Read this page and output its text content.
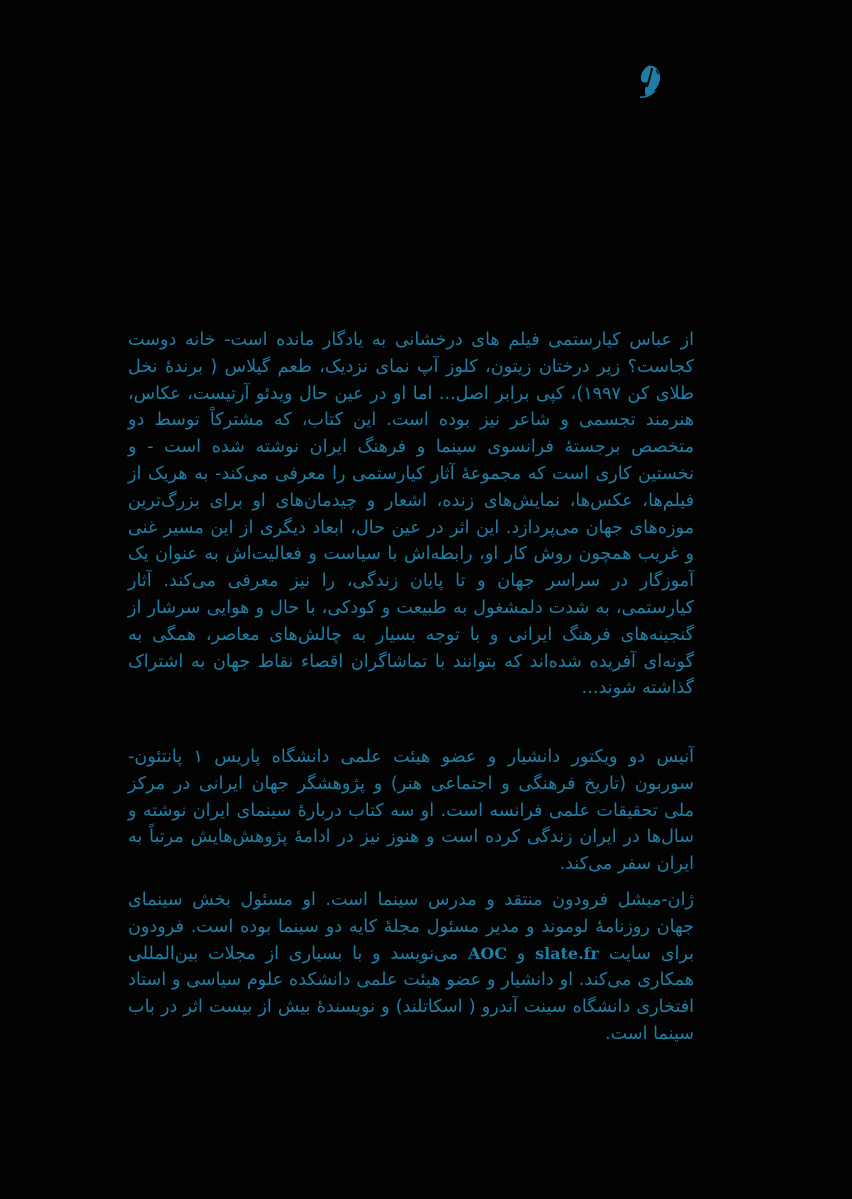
از عباس کیارستمی فیلم های درخشانی به یادگار مانده است- خانه دوست کجاست؟ زیر درختان زیتون، کلوز آپ نمای نزدیک، طعم گیلاس ( برندهٔ نخل طلای کن ۱۹۹۷)، کپی برابر اصل... اما او در عین حال ویدئو آرتیست، عکاس، هنرمند تجسمی و شاعر نیز بوده است. این کتاب، که مشترکاً توسط دو متخصص برجستهٔ فرانسوی سینما و فرهنگ ایران نوشته شده است - و نخستین کاری است که مجموعهٔ آثار کیارستمی را معرفی می‌کند- به هریک از فیلم‌ها، عکس‌ها، نمایش‌های زنده، اشعار و چیدمان‌های او برای بزرگ‌ترین موزه‌های جهان می‌پردازد. این اثر در عین حال، ابعاد دیگری از این مسیر غنی و غریب همچون روش کار او، رابطه‌اش با سیاست و فعالیت‌اش به عنوان یک آموزگار در سراسر جهان و تا پایان زندگی، را نیز معرفی می‌کند. آثار کیارستمی، به شدت دلمشغول به طبیعت و کودکی، با حال و هوایی سرشار از گنجینه‌های فرهنگ ایرانی و با توجه بسیار به چالش‌های معاصر، همگی به گونه‌ای آفریده شده‌اند که بتوانند با تماشاگران اقصاء نقاط جهان به اشتراک گذاشته شوند...

آنیس دو ویکتور دانشیار و عضو هیئت علمی دانشگاه پاریس ۱ پانتئون- سوربون (تاریخ فرهنگی و اجتماعی هنر) و پژوهشگر جهان ایرانی در مرکز ملی تحقیقات علمی فرانسه است. او سه کتاب دربارهٔ سینمای ایران نوشته و سال‌ها در ایران زندگی کرده است و هنوز نیز در ادامهٔ پژوهش‌هایش مرتباً به ایران سفر می‌کند.

ژان-میشل فرودون منتقد و مدرس سینما است. او مسئول بخش سینمای جهان روزنامهٔ لوموند و مدیر مسئول مجلهٔ کایه دو سینما بوده است. فرودون برای سایت slate.fr و AOC می‌نویسد و با بسیاری از مجلات بین‌المللی همکاری می‌کند. او دانشیار و عضو هیئت علمی دانشکده علوم سیاسی و استاد افتخاری دانشگاه سینت آندرو ( اسکاتلند) و نویسندهٔ بیش از بیست اثر در باب سینما است.
